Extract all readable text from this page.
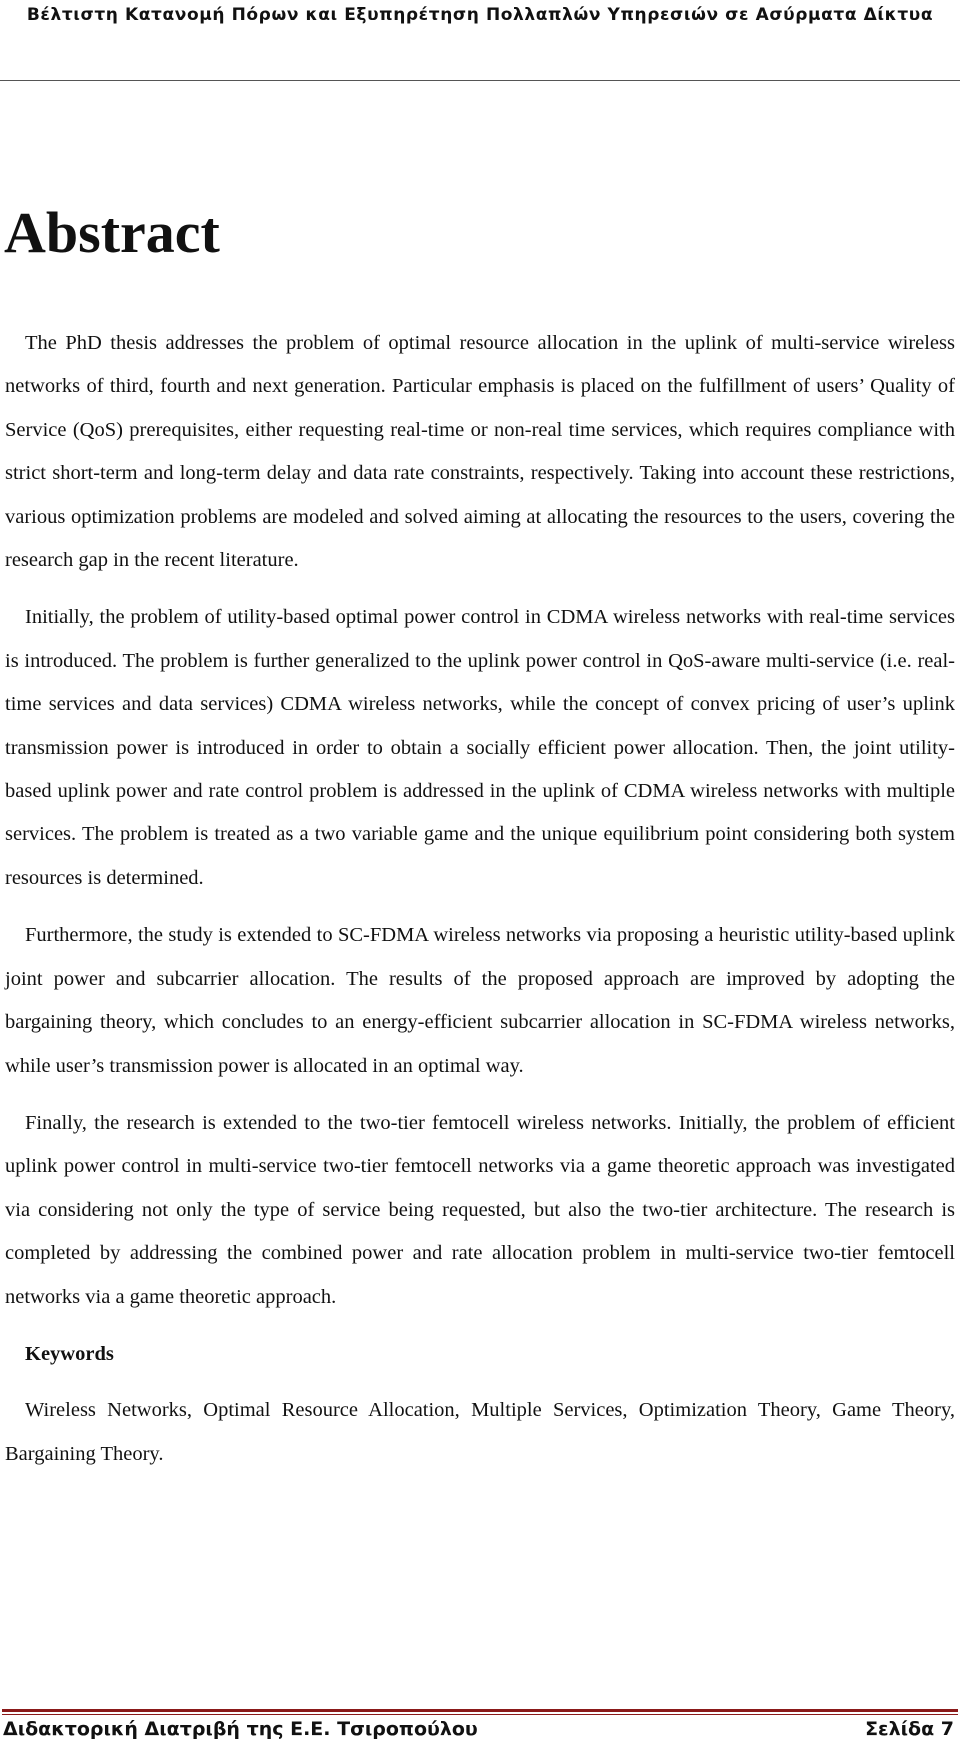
Βέλτιστη Κατανομή Πόρων και Εξυπηρέτηση Πολλαπλών Υπηρεσιών σε Ασύρματα Δίκτυα
Abstract

The PhD thesis addresses the problem of optimal resource allocation in the uplink of multi-service wireless networks of third, fourth and next generation. Particular emphasis is placed on the fulfillment of users’ Quality of Service (QoS) prerequisites, either requesting real-time or non-real time services, which requires compliance with strict short-term and long-term delay and data rate constraints, respectively. Taking into account these restrictions, various optimization problems are modeled and solved aiming at allocating the resources to the users, covering the research gap in the recent literature.

Initially, the problem of utility-based optimal power control in CDMA wireless networks with real-time services is introduced. The problem is further generalized to the uplink power control in QoS-aware multi-service (i.e. real-time services and data services) CDMA wireless networks, while the concept of convex pricing of user’s uplink transmission power is introduced in order to obtain a socially efficient power allocation. Then, the joint utility-based uplink power and rate control problem is addressed in the uplink of CDMA wireless networks with multiple services. The problem is treated as a two variable game and the unique equilibrium point considering both system resources is determined.

Furthermore, the study is extended to SC-FDMA wireless networks via proposing a heuristic utility-based uplink joint power and subcarrier allocation. The results of the proposed approach are improved by adopting the bargaining theory, which concludes to an energy-efficient subcarrier allocation in SC-FDMA wireless networks, while user’s transmission power is allocated in an optimal way.

Finally, the research is extended to the two-tier femtocell wireless networks. Initially, the problem of efficient uplink power control in multi-service two-tier femtocell networks via a game theoretic approach was investigated via considering not only the type of service being requested, but also the two-tier architecture. The research is completed by addressing the combined power and rate allocation problem in multi-service two-tier femtocell networks via a game theoretic approach.

Keywords

Wireless Networks, Optimal Resource Allocation, Multiple Services, Optimization Theory, Game Theory, Bargaining Theory.

Διδακτορική Διατριβή της Ε.Ε. Τσιροπούλου	Σελίδα 7
